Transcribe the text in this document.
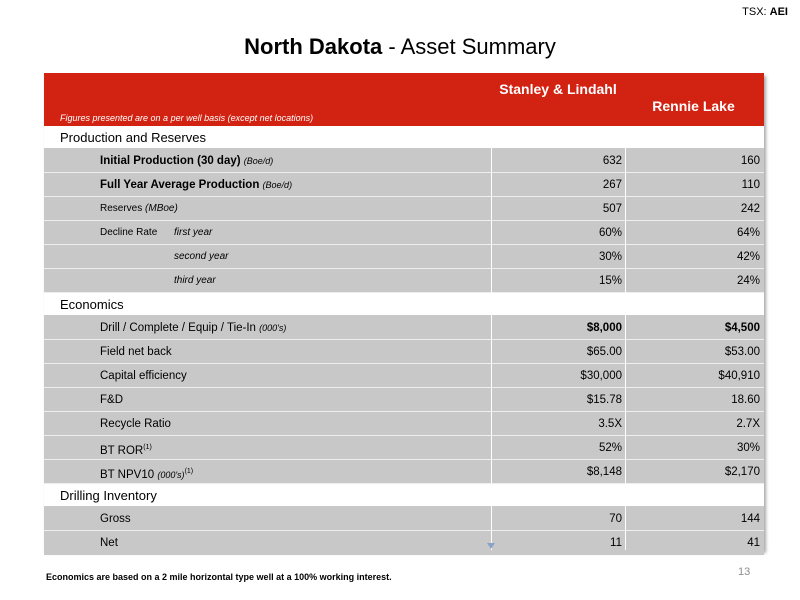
TSX: AEI
North Dakota - Asset Summary
Figures presented are on a per well basis (except net locations)
Stanley & Lindahl
Rennie Lake
Production and Reserves
Initial Production (30 day) (Boe/d)	632	160
Full Year Average Production (Boe/d)	267	110
Reserves (MBoe)	507	242
Decline Rate first year	60%	64%
second year	30%	42%
third year	15%	24%
Economics
Drill / Complete / Equip / Tie-In (000's)	$8,000	$4,500
Field net back	$65.00	$53.00
Capital efficiency	$30,000	$40,910
F&D	$15.78	18.60
Recycle Ratio	3.5X	2.7X
BT ROR$^{(1)}$	52%	30%
BT NPV10 $(000's)^{(1)}$	$8,148	$2,170
Drilling Inventory
Gross	70	144
Net	11	41
Economics are based on a 2 mile horizontal type well at a 100% working interest.	13
